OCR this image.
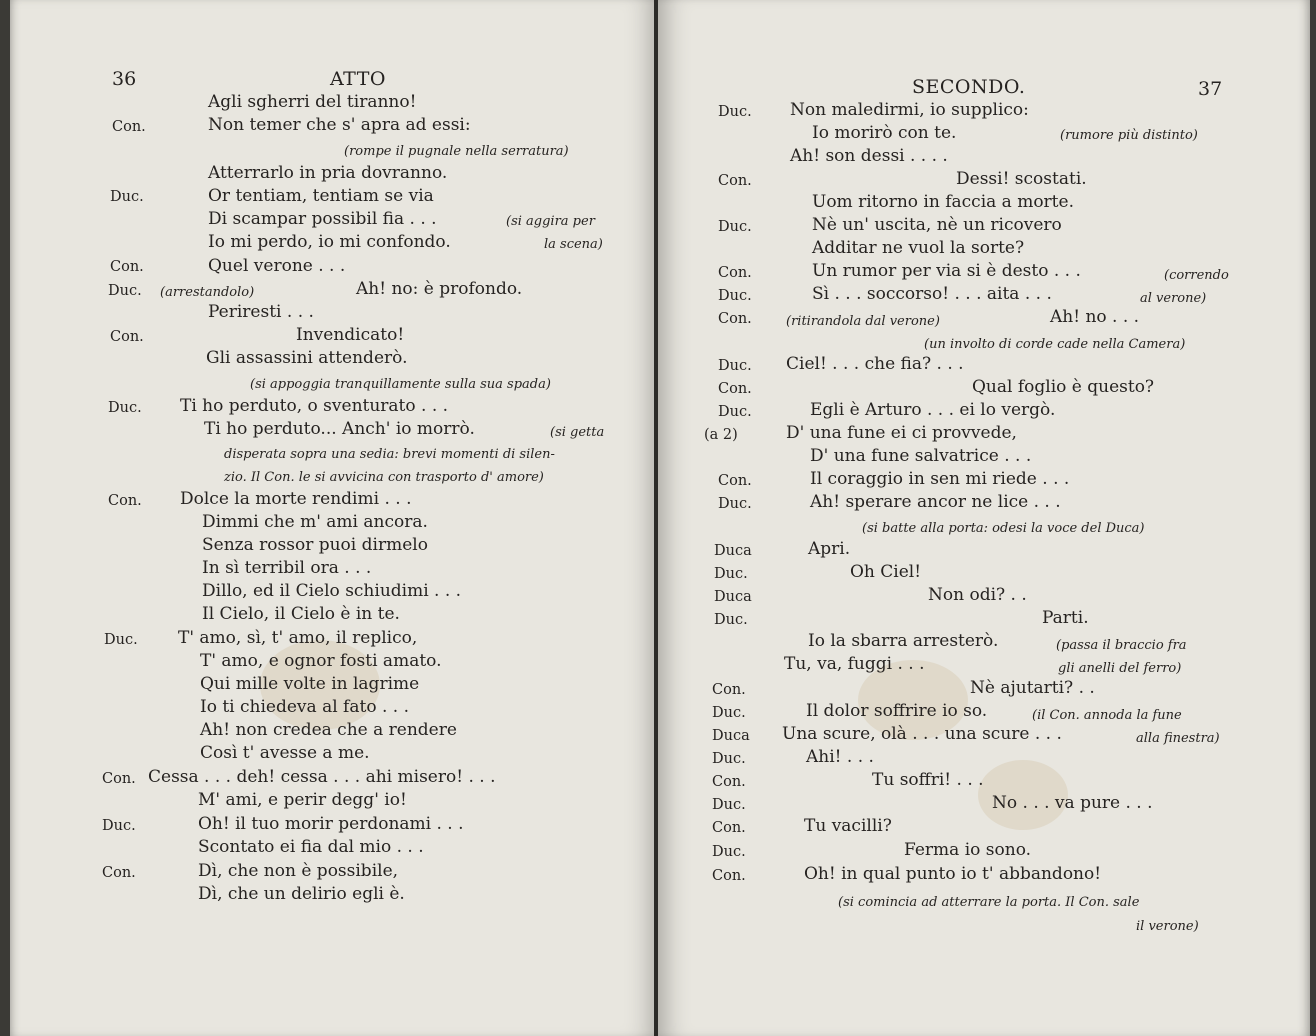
36	ATTO
Agli sgherri del tiranno!
Con.	Non temer che s' apra ad essi:
(rompe il pugnale nella serratura)
Atterrarlo in pria dovranno.
Duc.	Or tentiam, tentiam se via
Di scampar possibil fia . . .	(si aggira per
Io mi perdo, io mi confondo.	la scena)
Con.	Quel verone . . .
Duc. (arrestandolo)	Ah! no: è profondo.
Periresti . . .
Con.	Invendicato!
Gli assassini attenderò.
(si appoggia tranquillamente sulla sua spada)
Duc. Ti ho perduto, o sventurato . . .
Ti ho perduto... Anch' io morrò.	(si getta
disperata sopra una sedia: brevi momenti di silen-
zio. Il Con. le si avvicina con trasporto d' amore)
Con. Dolce la morte rendimi . . .
Dimmi che m' ami ancora.
Senza rossor puoi dirmelo
In sì terribil ora . . .
Dillo, ed il Cielo schiudimi . . .
Il Cielo, il Cielo è in te.
Duc. T' amo, sì, t' amo, il replico,
T' amo, e ognor fosti amato.
Qui mille volte in lagrime
Io ti chiedeva al fato . . .
Ah! non credea che a rendere
Così t' avesse a me.
Con. Cessa . . . deh! cessa . . . ahi misero! . . .
M' ami, e perir degg' io!
Duc.	Oh! il tuo morir perdonami . . .
Scontato ei fia dal mio . . .
Con.	Dì, che non è possibile,
Dì, che un delirio egli è.
SECONDO.	37
Duc. Non maledirmi, io supplico:
Io morirò con te.	(rumore più distinto)
Ah! son dessi . . . .
Con.	Dessi! scostati.
Uom ritorno in faccia a morte.
Duc.	Nè un' uscita, nè un ricovero
Additar ne vuol la sorte?
Con.	Un rumor per via si è desto . . .	(correndo
Duc.	Sì . . . soccorso! . . . aita . . .	al verone)
Con.	(ritirandola dal verone)	Ah! no . . .
(un involto di corde cade nella Camera)
Duc. Ciel! . . . che fia? . . .
Con.	Qual foglio è questo?
Duc.	Egli è Arturo . . . ei lo vergò.
(a 2)	D' una fune ei ci provvede,
D' una fune salvatrice . . .
Con.	Il coraggio in sen mi riede . . .
Duc.	Ah! sperare ancor ne lice . . .
(si batte alla porta: odesi la voce del Duca)
Duca	Apri.
Duc.	Oh Ciel!
Duca	Non odi? . .
Duc.	Parti.
Io la sbarra arresterò.	(passa il braccio fra
Tu, va, fuggi . . .	gli anelli del ferro)
Con.	Nè ajutarti? . .
Duc.	Il dolor soffrire io so.	(il Con. annoda la fune
Duca Una scure, olà . . . una scure . . .	alla finestra)
Duc.	Ahi! . . .
Con.	Tu soffri! . . .
Duc.	No . . . va pure . . .
Con.	Tu vacilli?
Duc.	Ferma io sono.
Con.	Oh! in qual punto io t' abbandono!
(si comincia ad atterrare la porta. Il Con. sale
il verone)
